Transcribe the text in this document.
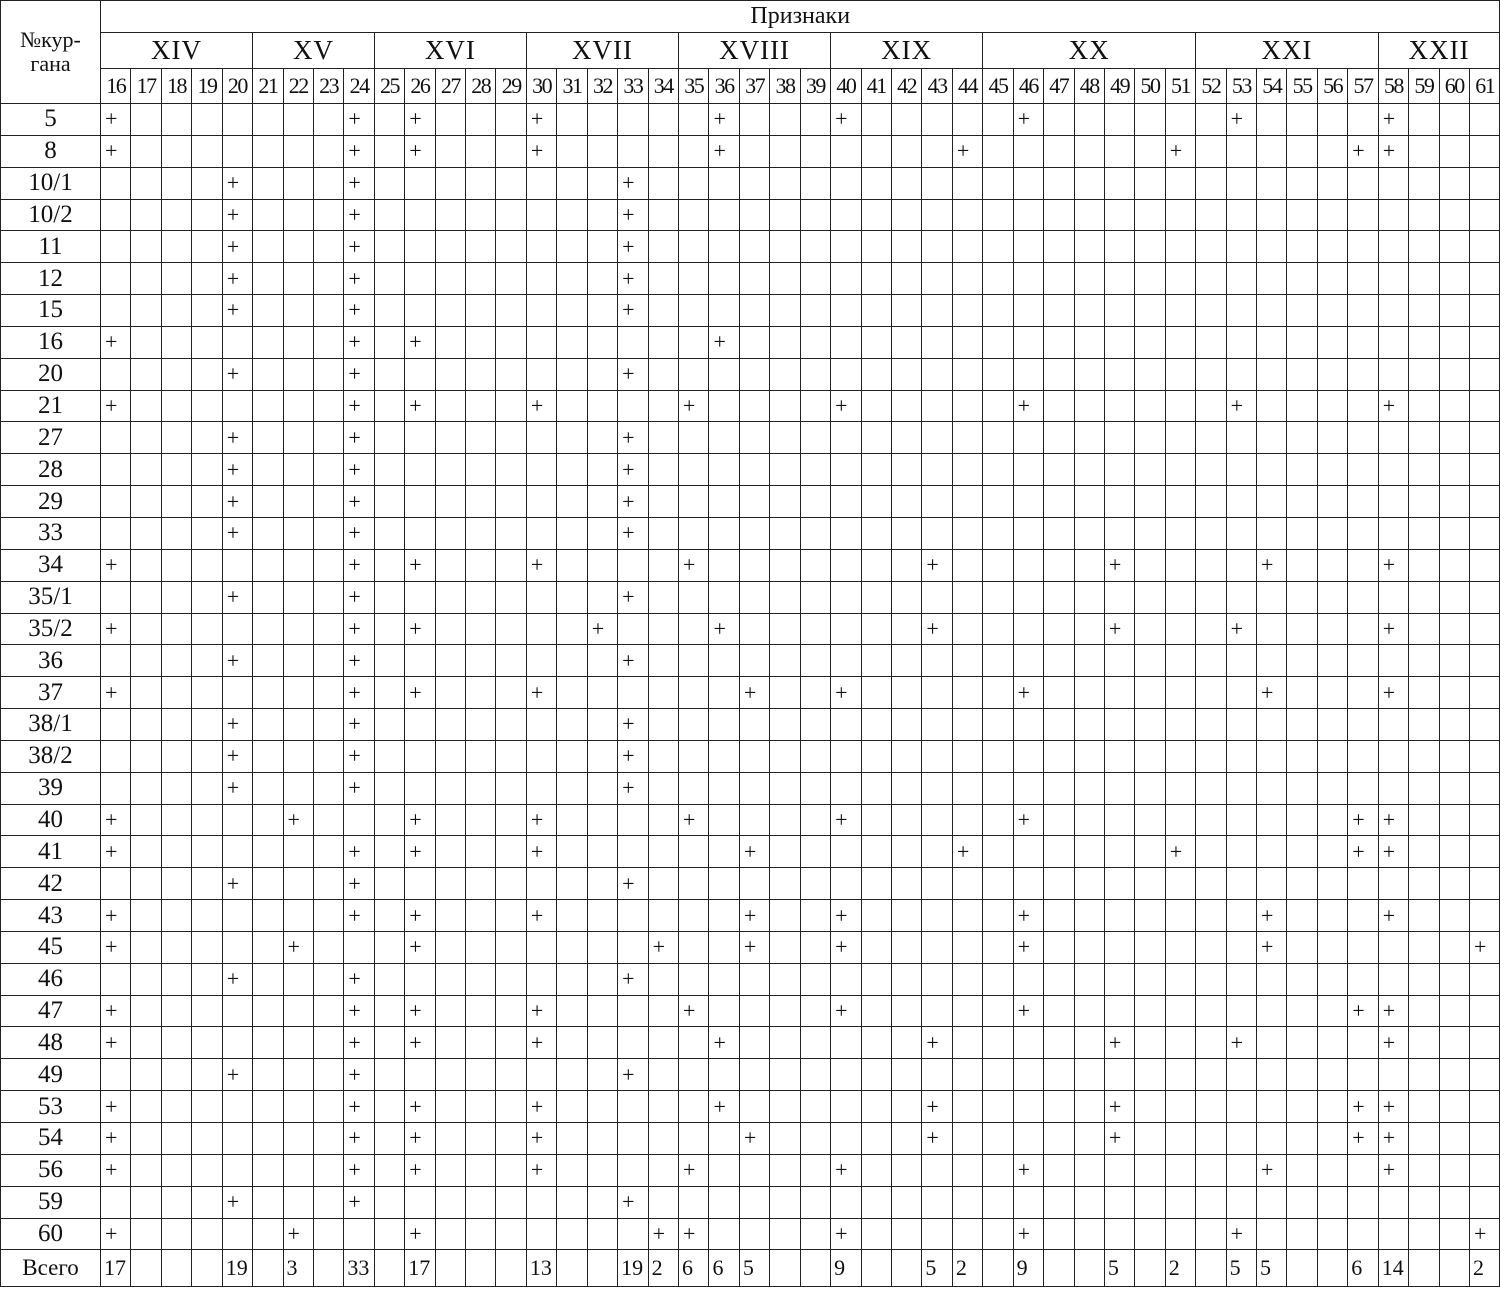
№кур-
гана	Признаки																																													
	XIV					XV				XVI					XVII					XVIII					XIX					XX							XXI						XXII			
	16	17	18	19	20	21	22	23	24	25	26	27	28	29	30	31	32	33	34	35	36	37	38	39	40	41	42	43	44	45	46	47	48	49	50	51	52	53	54	55	56	57	58	59	60	61
5	+								+		+				+						+				+						+							+					+			
8	+								+		+				+						+								+							+						+	+			
10/1					+				+									+																												
10/2					+				+									+																												
11					+				+									+																												
12					+				+									+																												
15					+				+									+																												
16	+								+		+										+																									
20					+				+									+																												
21	+								+		+				+					+					+						+							+					+			
27					+				+									+																												
28					+				+									+																												
29					+				+									+																												
33					+				+									+																												
34	+								+		+				+					+								+						+					+				+			
35/1					+				+									+																												
35/2	+								+		+						+				+							+						+				+					+			
36					+				+									+																												
37	+								+		+				+							+			+						+								+				+			
38/1					+				+									+																												
38/2					+				+									+																												
39					+				+									+																												
40	+						+				+				+					+					+						+											+	+			
41	+								+		+				+							+							+							+						+	+			
42					+				+									+																												
43	+								+		+				+							+			+						+								+				+			
45	+						+				+								+			+			+						+								+							+
46					+				+									+																												
47	+								+		+				+					+					+						+											+	+			
48	+								+		+				+						+							+						+				+					+			
49					+				+									+																												
53	+								+		+				+						+							+						+								+	+			
54	+								+		+				+							+						+						+								+	+			
56	+								+		+				+					+					+						+								+				+			
59					+				+									+																												
60	+						+				+								+	+					+						+							+								+
Всего	17				19		3		33		17				13			19	2	6	6	5			9			5	2		9			5		2		5	5			6	14			2
